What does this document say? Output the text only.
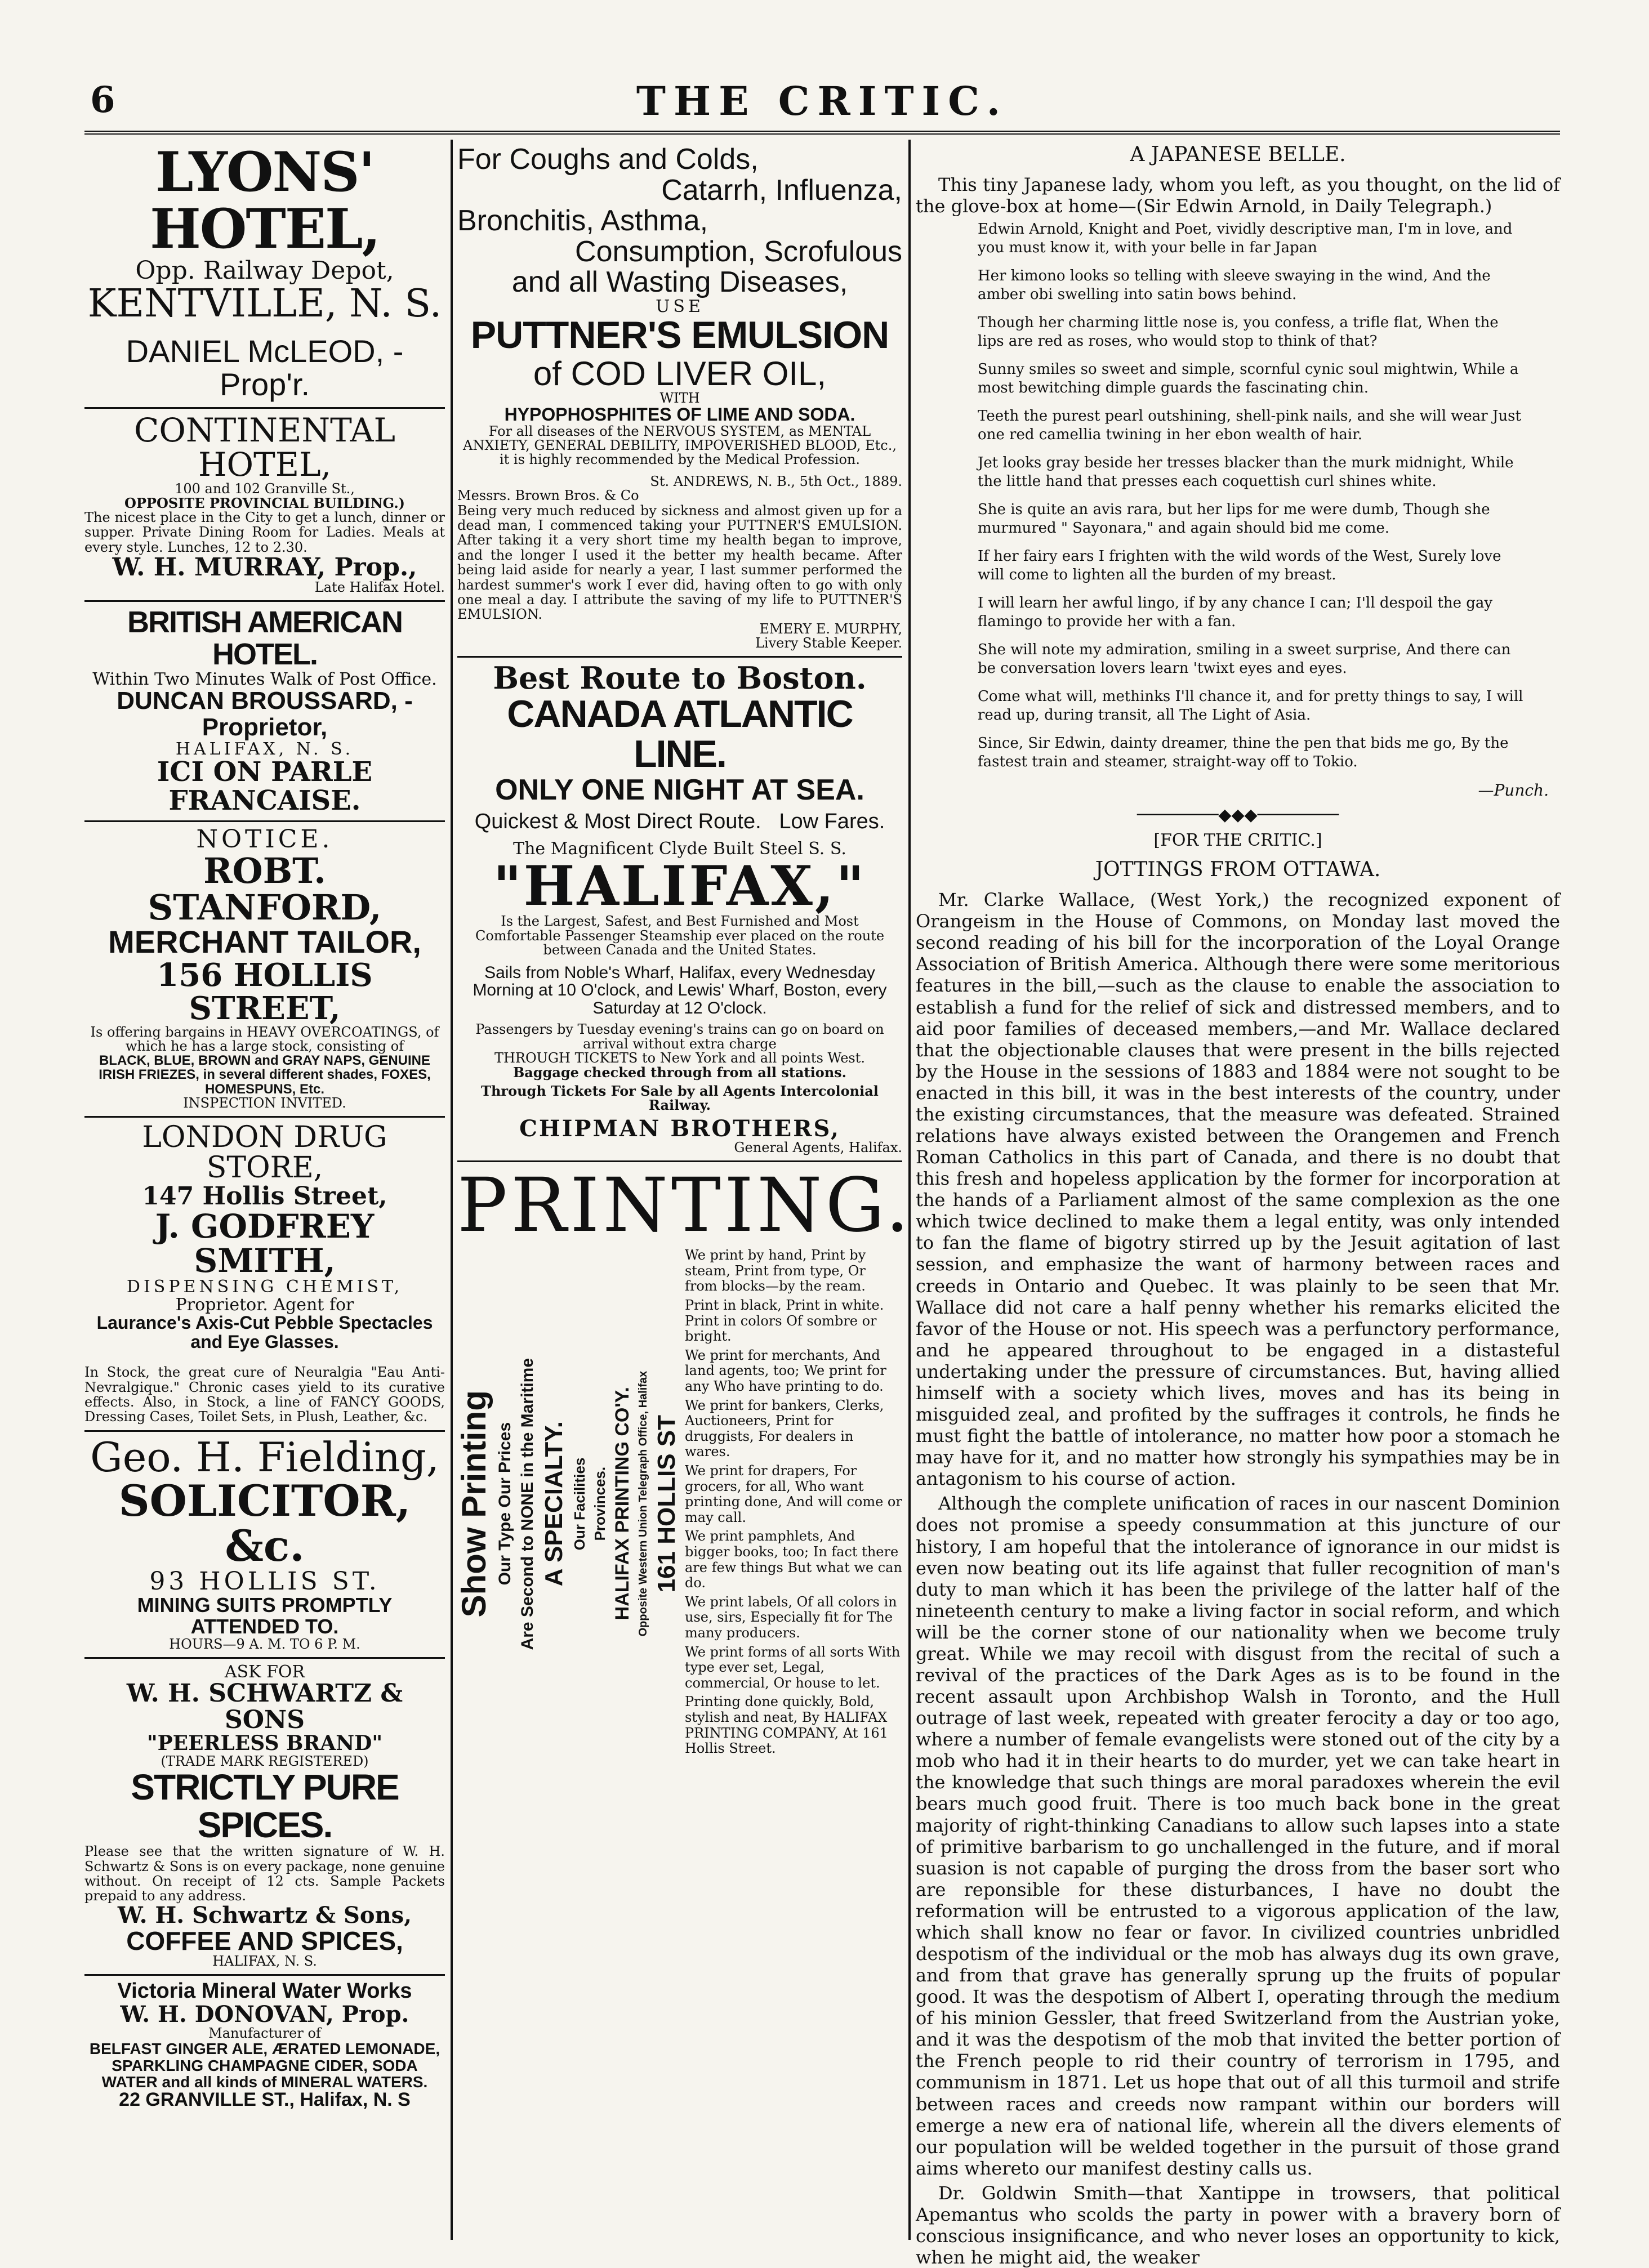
6	THE CRITIC.

LYONS' HOTEL,

Opp. Railway Depot,

KENTVILLE, N. S.

DANIEL McLEOD, - Prop'r.

CONTINENTAL HOTEL,

100 and 102 Granville St.,

OPPOSITE PROVINCIAL BUILDING.)

The nicest place in the City to get a lunch, dinner or supper. Private Dining Room for Ladies. Meals at every style. Lunches, 12 to 2.30.

W. H. MURRAY, Prop.,

Late Halifax Hotel.

BRITISH AMERICAN HOTEL.

Within Two Minutes Walk of Post Office.

DUNCAN BROUSSARD, - Proprietor,

HALIFAX, N. S.

ICI ON PARLE FRANCAISE.

NOTICE.

ROBT. STANFORD,

MERCHANT TAILOR,

156 HOLLIS STREET,

Is offering bargains in HEAVY OVERCOATINGS, of which he has a large stock, consisting of

BLACK, BLUE, BROWN and GRAY NAPS, GENUINE IRISH FRIEZES, in several different shades, FOXES, HOMESPUNS, Etc.

INSPECTION INVITED.

LONDON DRUG STORE,

147 Hollis Street,

J. GODFREY SMITH,

DISPENSING CHEMIST,

Proprietor. Agent for

Laurance's Axis-Cut Pebble Spectacles and Eye Glasses.

In Stock, the great cure of Neuralgia "Eau Anti-Nevralgique." Chronic cases yield to its curative effects. Also, in Stock, a line of FANCY GOODS, Dressing Cases, Toilet Sets, in Plush, Leather, &c.

Geo. H. Fielding,

SOLICITOR, &c.

93 HOLLIS ST.

MINING SUITS PROMPTLY ATTENDED TO.

HOURS—9 A. M. TO 6 P. M.

ASK FOR

W. H. SCHWARTZ & SONS

"PEERLESS BRAND"

(TRADE MARK REGISTERED)

STRICTLY PURE SPICES.

Please see that the written signature of W. H. Schwartz & Sons is on every package, none genuine without. On receipt of 12 cts. Sample Packets prepaid to any address.

W. H. Schwartz & Sons,

COFFEE AND SPICES,

HALIFAX, N. S.

Victoria Mineral Water Works

W. H. DONOVAN, Prop.

Manufacturer of

BELFAST GINGER ALE, ÆRATED LEMONADE, SPARKLING CHAMPAGNE CIDER, SODA WATER and all kinds of MINERAL WATERS.

22 GRANVILLE ST., Halifax, N. S

For Coughs and Colds,

Catarrh, Influenza,

Bronchitis, Asthma,

Consumption, Scrofulous

and all Wasting Diseases,

USE

PUTTNER'S EMULSION

of COD LIVER OIL,

WITH

HYPOPHOSPHITES OF LIME AND SODA.

For all diseases of the NERVOUS SYSTEM, as MENTAL ANXIETY, GENERAL DEBILITY, IMPOVERISHED BLOOD, Etc., it is highly recommended by the Medical Profession.

St. ANDREWS, N. B., 5th Oct., 1889.

Messrs. Brown Bros. & Co

Being very much reduced by sickness and almost given up for a dead man, I commenced taking your PUTTNER'S EMULSION. After taking it a very short time my health began to improve, and the longer I used it the better my health became. After being laid aside for nearly a year, I last summer performed the hardest summer's work I ever did, having often to go with only one meal a day. I attribute the saving of my life to PUTTNER'S EMULSION.

EMERY E. MURPHY,

Livery Stable Keeper.

Best Route to Boston.

CANADA ATLANTIC LINE.

ONLY ONE NIGHT AT SEA.

Quickest & Most Direct Route. Low Fares.

The Magnificent Clyde Built Steel S. S.

"HALIFAX,"

Is the Largest, Safest, and Best Furnished and Most Comfortable Passenger Steamship ever placed on the route between Canada and the United States.

Sails from Noble's Wharf, Halifax, every Wednesday Morning at 10 O'clock, and Lewis' Wharf, Boston, every Saturday at 12 O'clock.

Passengers by Tuesday evening's trains can go on board on arrival without extra charge

THROUGH TICKETS to New York and all points West.

Baggage checked through from all stations.

Through Tickets For Sale by all Agents Intercolonial Railway.

CHIPMAN BROTHERS,

General Agents, Halifax.

PRINTING.

Show Printing Our Type Our Prices Are Second to NONE in the Maritime A SPECIALTY. Our Facilities Provinces. HALIFAX PRINTING CO'Y. Opposite Western Union Telegraph Office, Halifax 161 HOLLIS ST
We print by hand, Print by steam, Print from type, Or from blocks—by the ream.
Print in black, Print in white. Print in colors Of sombre or bright.
We print for merchants, And land agents, too; We print for any Who have printing to do.
We print for bankers, Clerks, Auctioneers, Print for druggists, For dealers in wares.
We print for drapers, For grocers, for all, Who want printing done, And will come or may call.
We print pamphlets, And bigger books, too; In fact there are few things But what we can do.
We print labels, Of all colors in use, sirs, Especially fit for The many producers.
We print forms of all sorts With type ever set, Legal, commercial, Or house to let.
Printing done quickly, Bold, stylish and neat, By HALIFAX PRINTING COMPANY, At 161 Hollis Street.
A JAPANESE BELLE.

This tiny Japanese lady, whom you left, as you thought, on the lid of the glove-box at home—(Sir Edwin Arnold, in Daily Telegraph.)

Edwin Arnold, Knight and Poet, vividly descriptive man, I'm in love, and you must know it, with your belle in far Japan
Her kimono looks so telling with sleeve swaying in the wind, And the amber obi swelling into satin bows behind.
Though her charming little nose is, you confess, a trifle flat, When the lips are red as roses, who would stop to think of that?
Sunny smiles so sweet and simple, scornful cynic soul mightwin, While a most bewitching dimple guards the fascinating chin.
Teeth the purest pearl outshining, shell-pink nails, and she will wear Just one red camellia twining in her ebon wealth of hair.
Jet looks gray beside her tresses blacker than the murk midnight, While the little hand that presses each coquettish curl shines white.
She is quite an avis rara, but her lips for me were dumb, Though she murmured " Sayonara," and again should bid me come.
If her fairy ears I frighten with the wild words of the West, Surely love will come to lighten all the burden of my breast.
I will learn her awful lingo, if by any chance I can; I'll despoil the gay flamingo to provide her with a fan.
She will note my admiration, smiling in a sweet surprise, And there can be conversation lovers learn 'twixt eyes and eyes.
Come what will, methinks I'll chance it, and for pretty things to say, I will read up, during transit, all The Light of Asia.
Since, Sir Edwin, dainty dreamer, thine the pen that bids me go, By the fastest train and steamer, straight-way off to Tokio.
—Punch.
────────◆◆◆────────
[FOR THE CRITIC.]
JOTTINGS FROM OTTAWA.

Mr. Clarke Wallace, (West York,) the recognized exponent of Orangeism in the House of Commons, on Monday last moved the second reading of his bill for the incorporation of the Loyal Orange Association of British America. Although there were some meritorious features in the bill,—such as the clause to enable the association to establish a fund for the relief of sick and distressed members, and to aid poor families of deceased members,—and Mr. Wallace declared that the objectionable clauses that were present in the bills rejected by the House in the sessions of 1883 and 1884 were not sought to be enacted in this bill, it was in the best interests of the country, under the existing circumstances, that the measure was defeated. Strained relations have always existed between the Orangemen and French Roman Catholics in this part of Canada, and there is no doubt that this fresh and hopeless application by the former for incorporation at the hands of a Parliament almost of the same complexion as the one which twice declined to make them a legal entity, was only intended to fan the flame of bigotry stirred up by the Jesuit agitation of last session, and emphasize the want of harmony between races and creeds in Ontario and Quebec. It was plainly to be seen that Mr. Wallace did not care a half penny whether his remarks elicited the favor of the House or not. His speech was a perfunctory performance, and he appeared throughout to be engaged in a distasteful undertaking under the pressure of circumstances. But, having allied himself with a society which lives, moves and has its being in misguided zeal, and profited by the suffrages it controls, he finds he must fight the battle of intolerance, no matter how poor a stomach he may have for it, and no matter how strongly his sympathies may be in antagonism to his course of action.

Although the complete unification of races in our nascent Dominion does not promise a speedy consummation at this juncture of our history, I am hopeful that the intolerance of ignorance in our midst is even now beating out its life against that fuller recognition of man's duty to man which it has been the privilege of the latter half of the nineteenth century to make a living factor in social reform, and which will be the corner stone of our nationality when we become truly great. While we may recoil with disgust from the recital of such a revival of the practices of the Dark Ages as is to be found in the recent assault upon Archbishop Walsh in Toronto, and the Hull outrage of last week, repeated with greater ferocity a day or too ago, where a number of female evangelists were stoned out of the city by a mob who had it in their hearts to do murder, yet we can take heart in the knowledge that such things are moral paradoxes wherein the evil bears much good fruit. There is too much back bone in the great majority of right-thinking Canadians to allow such lapses into a state of primitive barbarism to go unchallenged in the future, and if moral suasion is not capable of purging the dross from the baser sort who are reponsible for these disturbances, I have no doubt the reformation will be entrusted to a vigorous application of the law, which shall know no fear or favor. In civilized countries unbridled despotism of the individual or the mob has always dug its own grave, and from that grave has generally sprung up the fruits of popular good. It was the despotism of Albert I, operating through the medium of his minion Gessler, that freed Switzerland from the Austrian yoke, and it was the despotism of the mob that invited the better portion of the French people to rid their country of terrorism in 1795, and communism in 1871. Let us hope that out of all this turmoil and strife between races and creeds now rampant within our borders will emerge a new era of national life, wherein all the divers elements of our population will be welded together in the pursuit of those grand aims whereto our manifest destiny calls us.

Dr. Goldwin Smith—that Xantippe in trowsers, that political Apemantus who scolds the party in power with a bravery born of conscious insignificance, and who never loses an opportunity to kick, when he might aid, the weaker
